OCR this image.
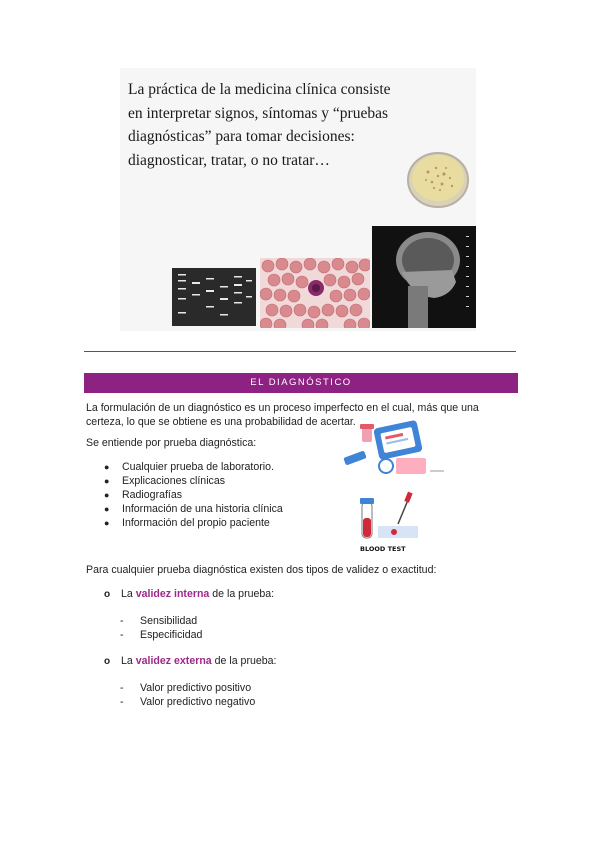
La práctica de la medicina clínica consiste en interpretar signos, síntomas y “pruebas diagnósticas” para tomar decisiones: diagnosticar, tratar, o no tratar…
EL DIAGNÓSTICO
La formulación de un diagnóstico es un proceso imperfecto en el cual, más que una certeza, lo que se obtiene es una probabilidad de acertar.
Se entiende por prueba diagnóstica:
● Cualquier prueba de laboratorio.
● Explicaciones clínicas
● Radiografías
● Información de una historia clínica
● Información del propio paciente
BLOOD TEST
Para cualquier prueba diagnóstica existen dos tipos de validez o exactitud:
o La validez interna de la prueba:
- Sensibilidad
- Especificidad
o La validez externa de la prueba:
- Valor predictivo positivo
- Valor predictivo negativo
